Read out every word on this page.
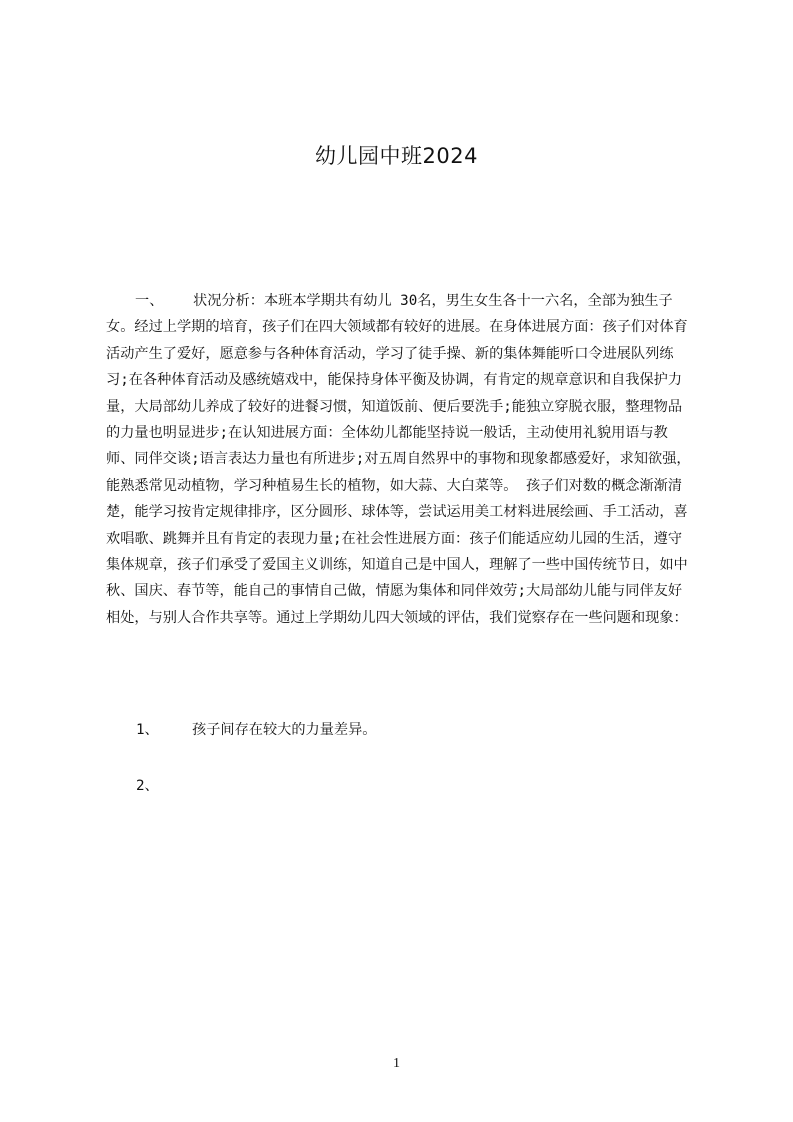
幼儿园中班2024

一、 状况分析：本班本学期共有幼儿 30名，男生女生各十一六名，全部为独生子女。经过上学期的培育，孩子们在四大领域都有较好的进展。在身体进展方面：孩子们对体育活动产生了爱好，愿意参与各种体育活动，学习了徒手操、新的集体舞能听口令进展队列练习;在各种体育活动及感统嬉戏中，能保持身体平衡及协调，有肯定的规章意识和自我保护力量，大局部幼儿养成了较好的进餐习惯，知道饭前、便后要洗手;能独立穿脱衣服，整理物品的力量也明显进步;在认知进展方面：全体幼儿都能坚持说一般话，主动使用礼貌用语与教师、同伴交谈;语言表达力量也有所进步;对五周自然界中的事物和现象都感爱好，求知欲强，能熟悉常见动植物，学习种植易生长的植物，如大蒜、大白菜等。 孩子们对数的概念渐渐清楚，能学习按肯定规律排序，区分圆形、球体等，尝试运用美工材料进展绘画、手工活动，喜欢唱歌、跳舞并且有肯定的表现力量;在社会性进展方面：孩子们能适应幼儿园的生活，遵守集体规章，孩子们承受了爱国主义训练，知道自己是中国人，理解了一些中国传统节日，如中秋、国庆、春节等，能自己的事情自己做，情愿为集体和同伴效劳;大局部幼儿能与同伴友好相处，与别人合作共享等。通过上学期幼儿四大领域的评估，我们觉察存在一些问题和现象：

1、 孩子间存在较大的力量差异。
2、
1
